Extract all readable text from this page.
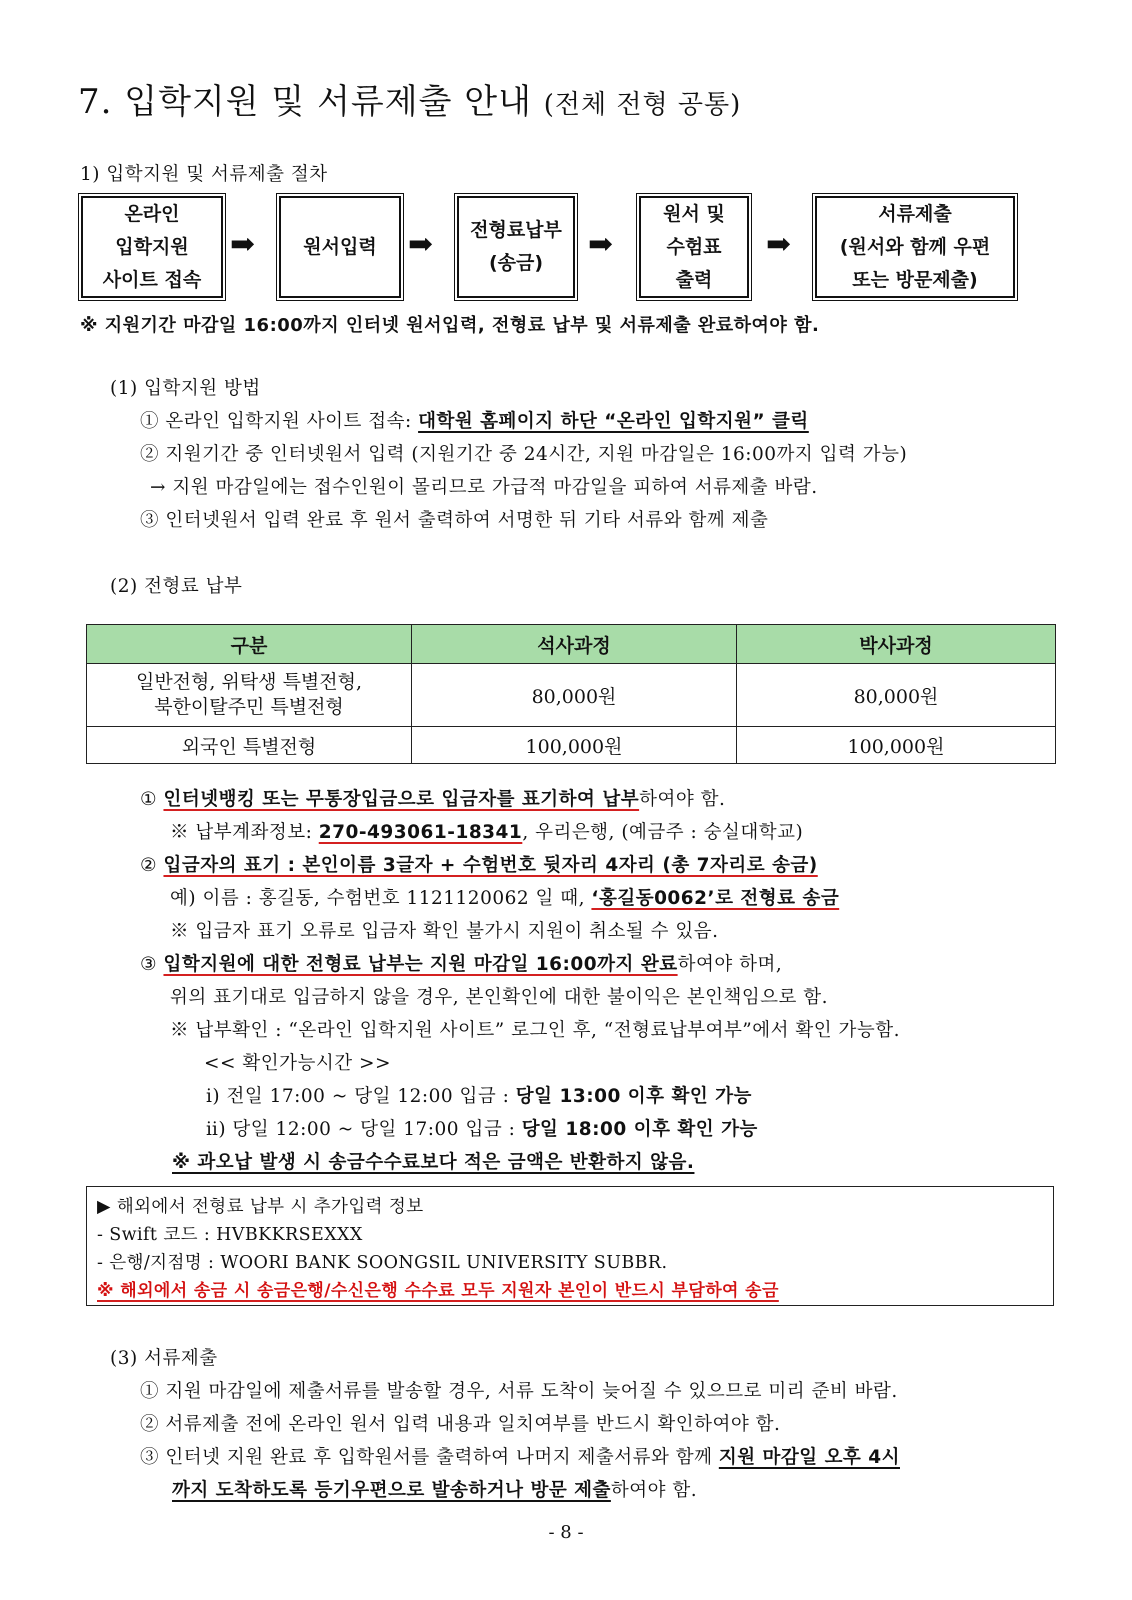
7. 입학지원 및 서류제출 안내 (전체 전형 공통)
1) 입학지원 및 서류제출 절차
온라인
입학지원
사이트 접속
➡	원서입력 ➡ 전형료납부
(송금)
➡
원서 및
수험표
출력
➡
서류제출
(원서와 함께 우편
또는 방문제출)
※ 지원기간 마감일 16:00까지 인터넷 원서입력, 전형료 납부 및 서류제출 완료하여야 함.
(1) 입학지원 방법
① 온라인 입학지원 사이트 접속: 대학원 홈페이지 하단 “온라인 입학지원” 클릭
② 지원기간 중 인터넷원서 입력 (지원기간 중 24시간, 지원 마감일은 16:00까지 입력 가능)
→ 지원 마감일에는 접수인원이 몰리므로 가급적 마감일을 피하여 서류제출 바람.
③ 인터넷원서 입력 완료 후 원서 출력하여 서명한 뒤 기타 서류와 함께 제출
(2) 전형료 납부
구분	석사과정	박사과정
일반전형, 위탁생 특별전형,
북한이탈주민 특별전형	80,000원	80,000원
외국인 특별전형	100,000원	100,000원
① 인터넷뱅킹 또는 무통장입금으로 입금자를 표기하여 납부하여야 함.
※ 납부계좌정보: 270-493061-18341, 우리은행, (예금주 : 숭실대학교)
② 입금자의 표기 : 본인이름 3글자 + 수험번호 뒷자리 4자리 (총 7자리로 송금)
예) 이름 : 홍길동, 수험번호 1121120062 일 때, ‘홍길동0062’로 전형료 송금
※ 입금자 표기 오류로 입금자 확인 불가시 지원이 취소될 수 있음.
③ 입학지원에 대한 전형료 납부는 지원 마감일 16:00까지 완료하여야 하며,
위의 표기대로 입금하지 않을 경우, 본인확인에 대한 불이익은 본인책임으로 함.
※ 납부확인 : “온라인 입학지원 사이트” 로그인 후, “전형료납부여부”에서 확인 가능함.
<< 확인가능시간 >>
ⅰ) 전일 17:00 ~ 당일 12:00 입금 : 당일 13:00 이후 확인 가능
ⅱ) 당일 12:00 ~ 당일 17:00 입금 : 당일 18:00 이후 확인 가능
※ 과오납 발생 시 송금수수료보다 적은 금액은 반환하지 않음.
▶ 해외에서 전형료 납부 시 추가입력 정보
- Swift 코드 : HVBKKRSEXXX
- 은행/지점명 : WOORI BANK SOONGSIL UNIVERSITY SUBBR.
※ 해외에서 송금 시 송금은행/수신은행 수수료 모두 지원자 본인이 반드시 부담하여 송금
(3) 서류제출
① 지원 마감일에 제출서류를 발송할 경우, 서류 도착이 늦어질 수 있으므로 미리 준비 바람.
② 서류제출 전에 온라인 원서 입력 내용과 일치여부를 반드시 확인하여야 함.
③ 인터넷 지원 완료 후 입학원서를 출력하여 나머지 제출서류와 함께 지원 마감일 오후 4시
까지 도착하도록 등기우편으로 발송하거나 방문 제출하여야 함.
- 8 -
